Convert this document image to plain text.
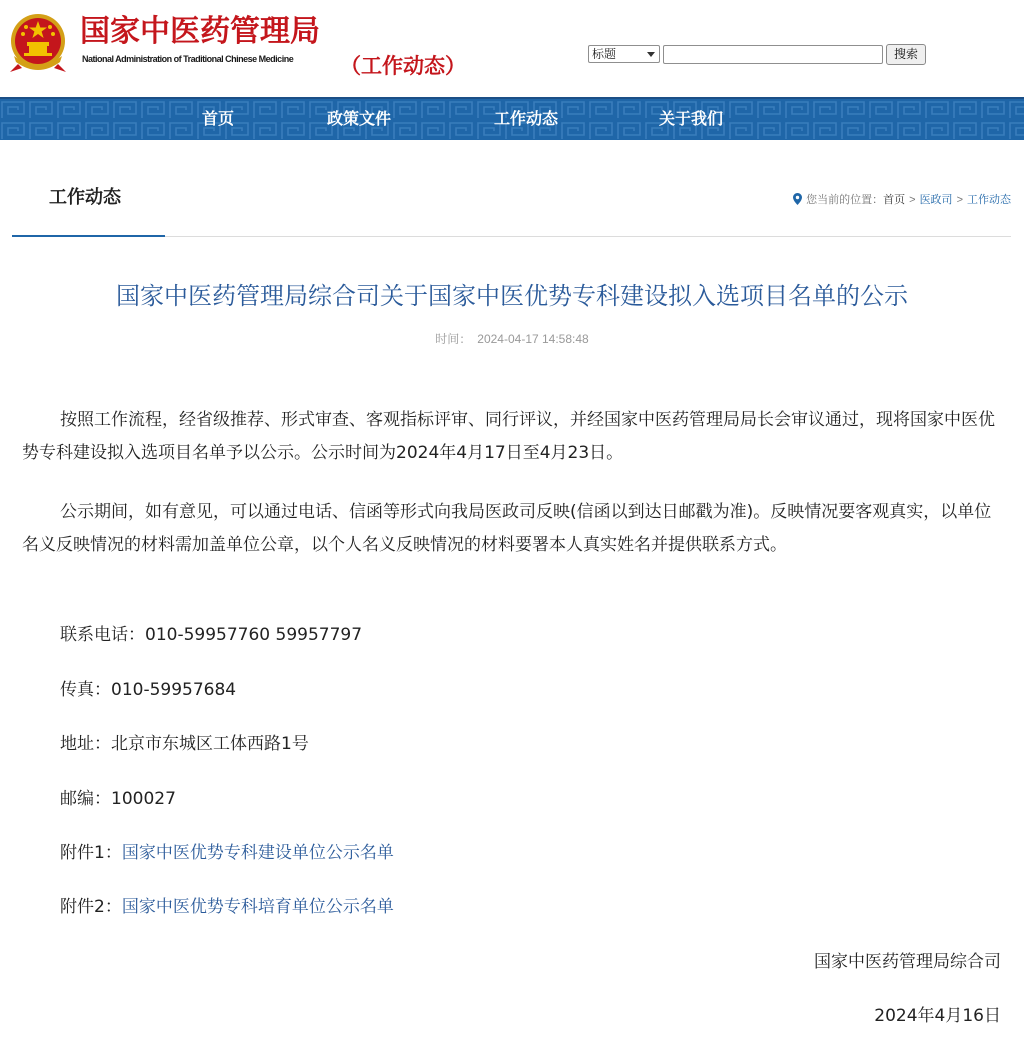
国家中医药管理局
National Administration of Traditional Chinese Medicine （工作动态）	标题	搜索
首页	政策文件	工作动态	关于我们
工作动态	您当前的位置：首页 > 医政司 > 工作动态
国家中医药管理局综合司关于国家中医优势专科建设拟入选项目名单的公示
时间： 2024-04-17 14:58:48

按照工作流程，经省级推荐、形式审查、客观指标评审、同行评议，并经国家中医药管理局局长会审议通过，现将国家中医优势专科建设拟入选项目名单予以公示。公示时间为2024年4月17日至4月23日。

公示期间，如有意见，可以通过电话、信函等形式向我局医政司反映(信函以到达日邮戳为准)。反映情况要客观真实，以单位名义反映情况的材料需加盖单位公章，以个人名义反映情况的材料要署本人真实姓名并提供联系方式。

联系电话：010-59957760 59957797
传真：010-59957684
地址：北京市东城区工体西路1号
邮编：100027
附件1：国家中医优势专科建设单位公示名单
附件2：国家中医优势专科培育单位公示名单
国家中医药管理局综合司
2024年4月16日
